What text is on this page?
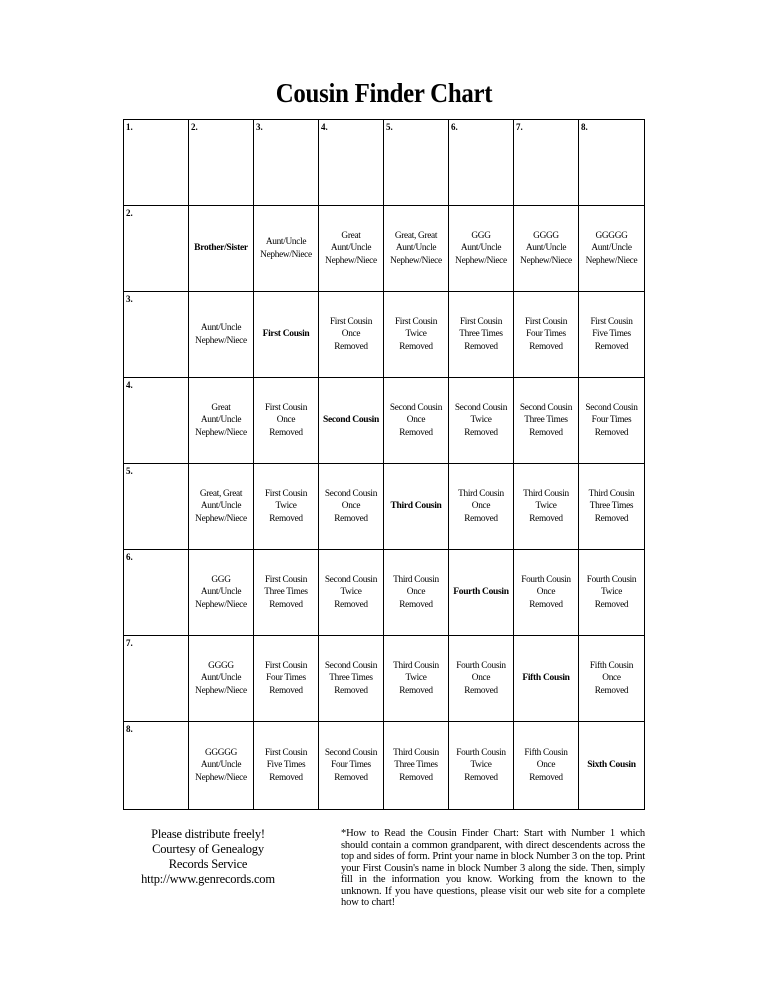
Cousin Finder Chart
1.	2.	3.	4.	5.	6.	7.	8.

2.	Brother/Sister	Aunt/Uncle
Nephew/Niece	Great
Aunt/Uncle
Nephew/Niece	Great, Great
Aunt/Uncle
Nephew/Niece	GGG
Aunt/Uncle
Nephew/Niece	GGGG
Aunt/Uncle
Nephew/Niece	GGGGG
Aunt/Uncle
Nephew/Niece

3.	Aunt/Uncle
Nephew/Niece	First Cousin	First Cousin
Once
Removed	First Cousin
Twice
Removed	First Cousin
Three Times
Removed	First Cousin
Four Times
Removed	First Cousin
Five Times
Removed

4.	Great
Aunt/Uncle
Nephew/Niece	First Cousin
Once
Removed	Second Cousin	Second Cousin
Once
Removed	Second Cousin
Twice
Removed	Second Cousin
Three Times
Removed	Second Cousin
Four Times
Removed

5.	Great, Great
Aunt/Uncle
Nephew/Niece	First Cousin
Twice
Removed	Second Cousin
Once
Removed	Third Cousin	Third Cousin
Once
Removed	Third Cousin
Twice
Removed	Third Cousin
Three Times
Removed

6.	GGG
Aunt/Uncle
Nephew/Niece	First Cousin
Three Times
Removed	Second Cousin
Twice
Removed	Third Cousin
Once
Removed	Fourth Cousin	Fourth Cousin
Once
Removed	Fourth Cousin
Twice
Removed

7.	GGGG
Aunt/Uncle
Nephew/Niece	First Cousin
Four Times
Removed	Second Cousin
Three Times
Removed	Third Cousin
Twice
Removed	Fourth Cousin
Once
Removed	Fifth Cousin	Fifth Cousin
Once
Removed

8.	GGGGG
Aunt/Uncle
Nephew/Niece	First Cousin
Five Times
Removed	Second Cousin
Four Times
Removed	Third Cousin
Three Times
Removed	Fourth Cousin
Twice
Removed	Fifth Cousin
Once
Removed	Sixth Cousin
Please distribute freely!
Courtesy of Genealogy
Records Service
http://www.genrecords.com
*How to Read the Cousin Finder Chart: Start with Number 1 which should contain a common grandparent, with direct descendents across the top and sides of form. Print your name in block Number 3 on the top. Print your First Cousin's name in block Number 3 along the side. Then, simply fill in the information you know. Working from the known to the unknown. If you have questions, please visit our web site for a complete how to chart!
